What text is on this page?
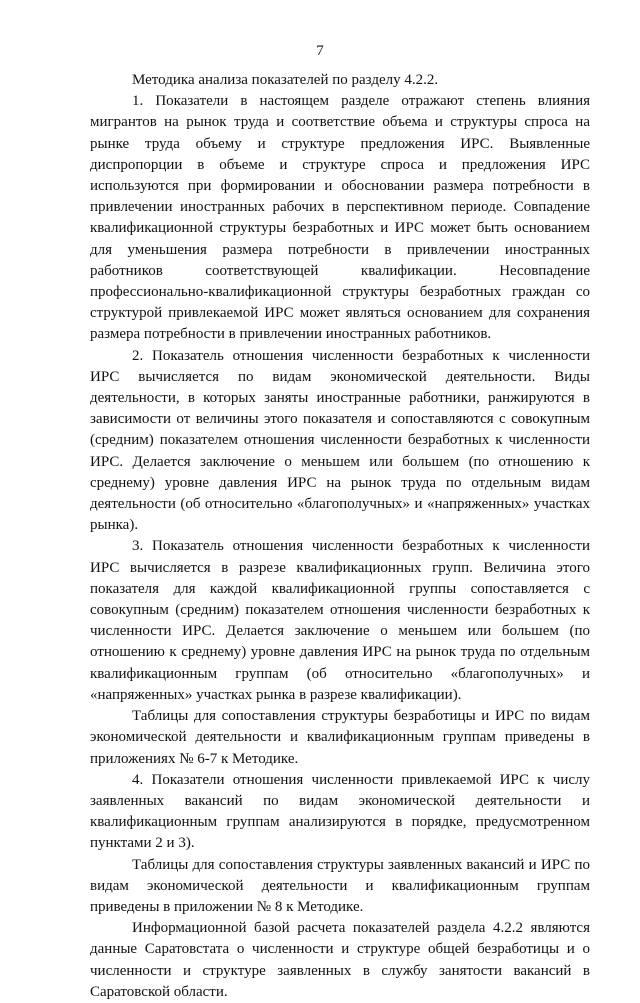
7

Методика анализа показателей по разделу 4.2.2.

1. Показатели в настоящем разделе отражают степень влияния мигрантов на рынок труда и соответствие объема и структуры спроса на рынке труда объему и структуре предложения ИРС. Выявленные диспропорции в объеме и структуре спроса и предложения ИРС используются при формировании и обосновании размера потребности в привлечении иностранных рабочих в перспективном периоде. Совпадение квалификационной структуры безработных и ИРС может быть основанием для уменьшения размера потребности в привлечении иностранных работников соответствующей квалификации. Несовпадение профессионально-квалификационной структуры безработных граждан со структурой привлекаемой ИРС может являться основанием для сохранения размера потребности в привлечении иностранных работников.

2. Показатель отношения численности безработных к численности ИРС вычисляется по видам экономической деятельности. Виды деятельности, в которых заняты иностранные работники, ранжируются в зависимости от величины этого показателя и сопоставляются с совокупным (средним) показателем отношения численности безработных к численности ИРС. Делается заключение о меньшем или большем (по отношению к среднему) уровне давления ИРС на рынок труда по отдельным видам деятельности (об относительно «благополучных» и «напряженных» участках рынка).

3. Показатель отношения численности безработных к численности ИРС вычисляется в разрезе квалификационных групп. Величина этого показателя для каждой квалификационной группы сопоставляется с совокупным (средним) показателем отношения численности безработных к численности ИРС. Делается заключение о меньшем или большем (по отношению к среднему) уровне давления ИРС на рынок труда по отдельным квалификационным группам (об относительно «благополучных» и «напряженных» участках рынка в разрезе квалификации).

Таблицы для сопоставления структуры безработицы и ИРС по видам экономической деятельности и квалификационным группам приведены в приложениях № 6-7 к Методике.

4. Показатели отношения численности привлекаемой ИРС к числу заявленных вакансий по видам экономической деятельности и квалификационным группам анализируются в порядке, предусмотренном пунктами 2 и 3).

Таблицы для сопоставления структуры заявленных вакансий и ИРС по видам экономической деятельности и квалификационным группам приведены в приложении № 8 к Методике.

Информационной базой расчета показателей раздела 4.2.2 являются данные Саратовстата о численности и структуре общей безработицы и о численности и структуре заявленных в службу занятости вакансий в Саратовской области.
